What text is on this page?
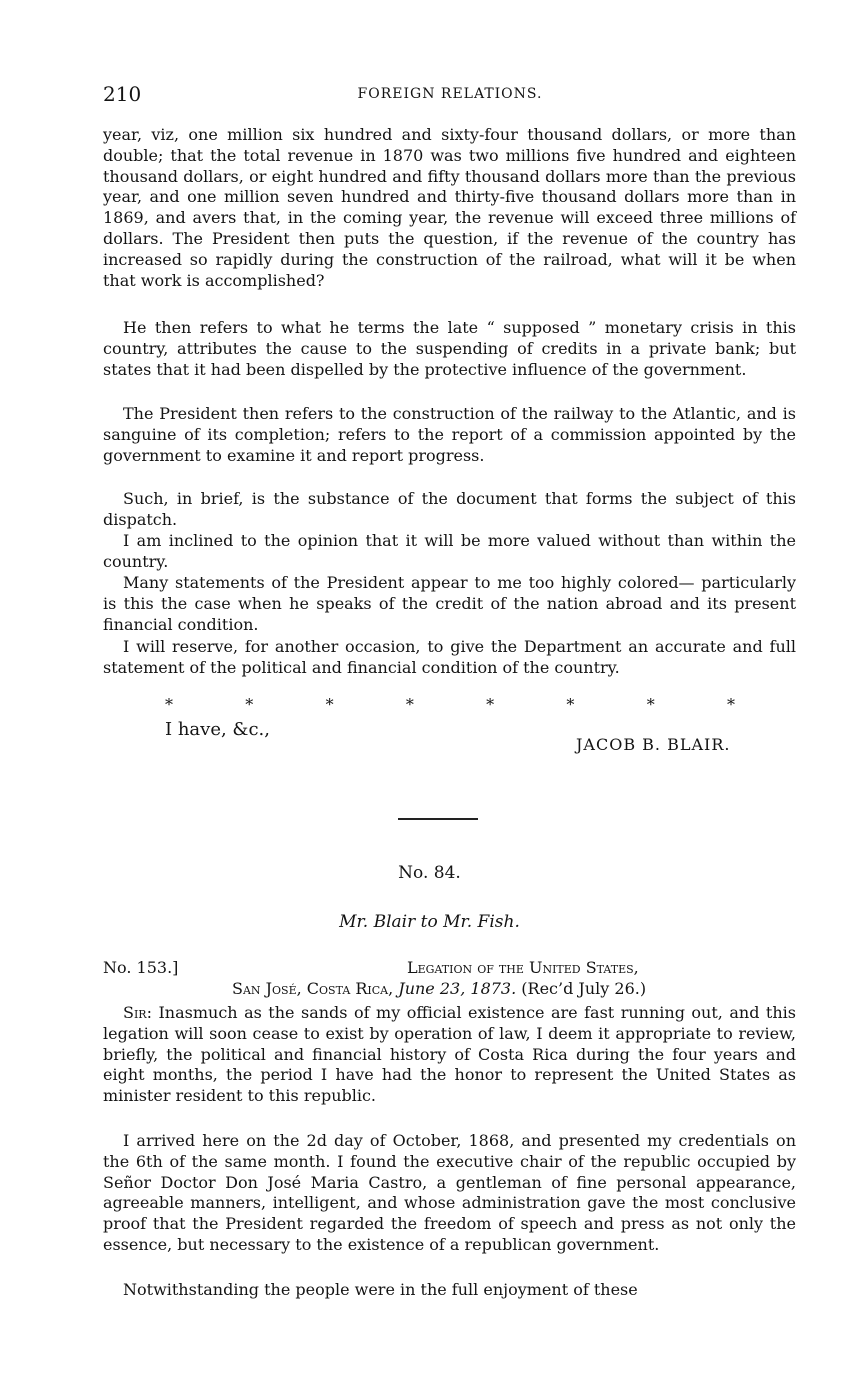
210	FOREIGN RELATIONS.

year, viz, one million six hundred and sixty-four thousand dollars, or more than double; that the total revenue in 1870 was two millions five hundred and eighteen thousand dollars, or eight hundred and fifty thousand dollars more than the previous year, and one million seven hundred and thirty-five thousand dollars more than in 1869, and avers that, in the coming year, the revenue will exceed three millions of dollars. The President then puts the question, if the revenue of the country has increased so rapidly during the construction of the railroad, what will it be when that work is accomplished?

He then refers to what he terms the late “ supposed ” monetary crisis in this country, attributes the cause to the suspending of credits in a private bank; but states that it had been dispelled by the protective influence of the government.

The President then refers to the construction of the railway to the Atlantic, and is sanguine of its completion; refers to the report of a commission appointed by the government to examine it and report progress.

Such, in brief, is the substance of the document that forms the subject of this dispatch.

I am inclined to the opinion that it will be more valued without than within the country.

Many statements of the President appear to me too highly colored— particularly is this the case when he speaks of the credit of the nation abroad and its present financial condition.

I will reserve, for another occasion, to give the Department an accurate and full statement of the political and financial condition of the country.

*	*	*	*	*	*	*	*
I have, &c.,
JACOB B. BLAIR.
No. 84.
Mr. Blair to Mr. Fish.
No. 153.]	Legation of the United States,
San José, Costa Rica, June 23, 1873. (Rec’d July 26.)

Sir: Inasmuch as the sands of my official existence are fast running out, and this legation will soon cease to exist by operation of law, I deem it appropriate to review, briefly, the political and financial history of Costa Rica during the four years and eight months, the period I have had the honor to represent the United States as minister resident to this republic.

I arrived here on the 2d day of October, 1868, and presented my credentials on the 6th of the same month. I found the executive chair of the republic occupied by Señor Doctor Don José Maria Castro, a gentleman of fine personal appearance, agreeable manners, intelligent, and whose administration gave the most conclusive proof that the President regarded the freedom of speech and press as not only the essence, but necessary to the existence of a republican government.

Notwithstanding the people were in the full enjoyment of these
